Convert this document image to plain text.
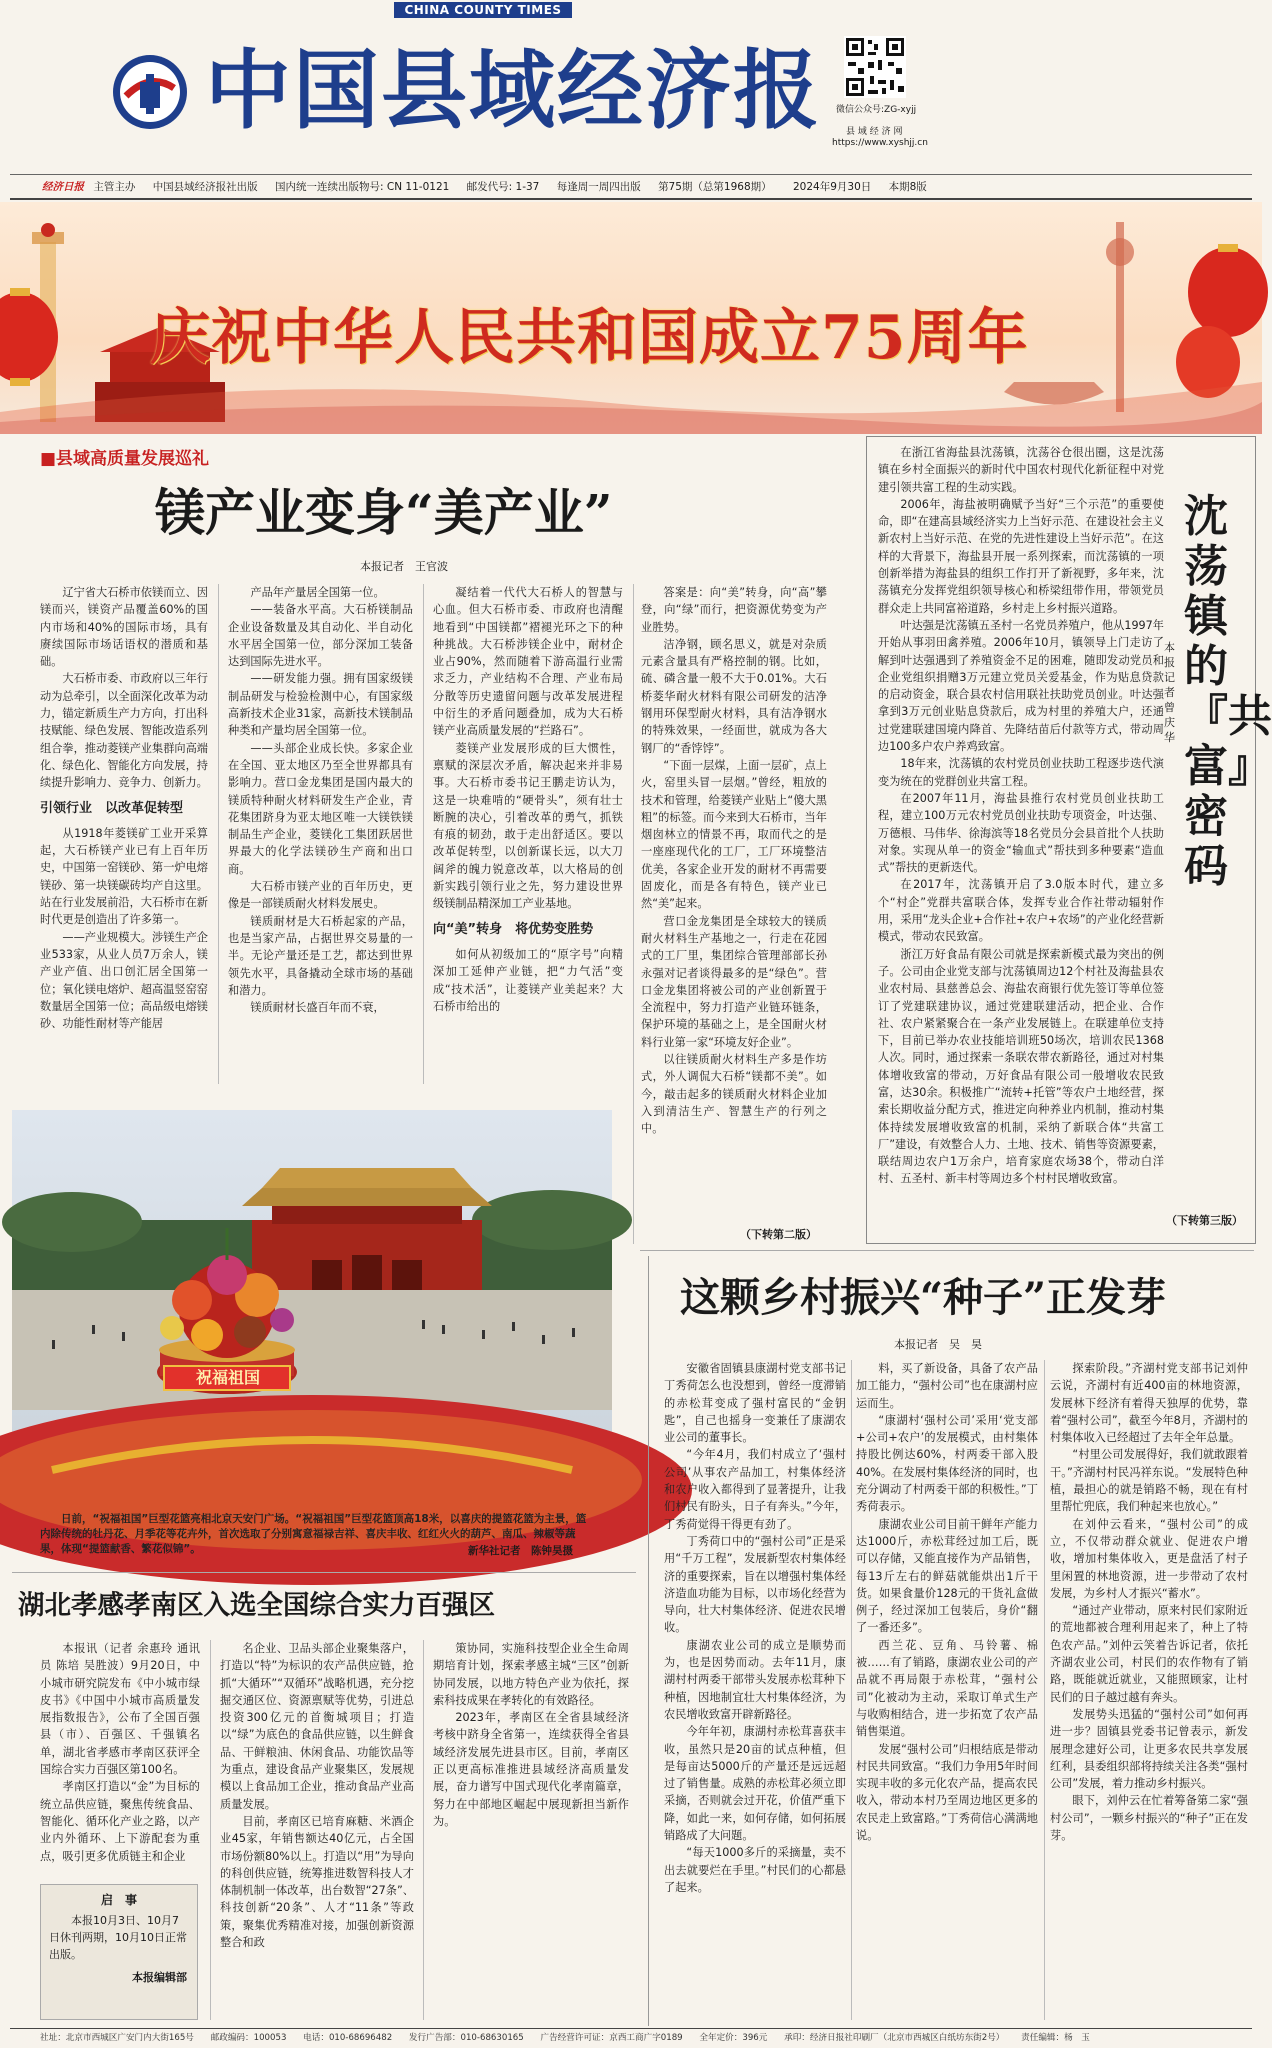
CHINA COUNTY TIMES
中国县域经济报 微信公众号:ZG-xyjj
县 域 经 济 网
https://www.xyshjj.cn
经济日报 主管主办 中国县域经济报社出版 国内统一连续出版物号: CN 11-0121 邮发代号: 1-37 每逢周一周四出版 第75期（总第1968期） 2024年9月30日 本期8版
庆祝中华人民共和国成立75周年
■县域高质量发展巡礼
镁产业变身“美产业”
本报记者　王官波

辽宁省大石桥市依镁而立、因镁而兴，镁资产品覆盖60%的国内市场和40%的国际市场，具有赓续国际市场话语权的潜质和基础。

大石桥市委、市政府以三年行动为总牵引，以全面深化改革为动力，锚定新质生产力方向，打出科技赋能、绿色发展、智能改造系列组合拳，推动菱镁产业集群向高端化、绿色化、智能化方向发展，持续提升影响力、竞争力、创新力。

引领行业　以改革促转型

从1918年菱镁矿工业开采算起，大石桥镁产业已有上百年历史，中国第一窑镁砂、第一炉电熔镁砂、第一块镁碳砖均产自这里。站在行业发展前沿，大石桥市在新时代更是创造出了许多第一。

——产业规模大。涉镁生产企业533家，从业人员7万余人，镁产业产值、出口创汇居全国第一位；氧化镁电熔炉、超高温竖窑窑数量居全国第一位；高品级电熔镁砂、功能性耐材等产能居

产品年产量居全国第一位。

——装备水平高。大石桥镁制品企业设备数量及其自动化、半自动化水平居全国第一位，部分深加工装备达到国际先进水平。

——研发能力强。拥有国家级镁制品研发与检验检测中心，有国家级高新技术企业31家，高新技术镁制品种类和产量均居全国第一位。

——头部企业成长快。多家企业在全国、亚太地区乃至全世界都具有影响力。营口金龙集团是国内最大的镁质特种耐火材料研发生产企业，青花集团跻身为亚太地区唯一大镁铁镁制品生产企业，菱镁化工集团跃居世界最大的化学法镁砂生产商和出口商。

大石桥市镁产业的百年历史，更像是一部镁质耐火材料发展史。

镁质耐材是大石桥起家的产品，也是当家产品，占据世界交易量的一半。无论产量还是工艺，都达到世界领先水平，具备撬动全球市场的基础和潜力。

镁质耐材长盛百年而不衰，

凝结着一代代大石桥人的智慧与心血。但大石桥市委、市政府也清醒地看到“中国镁都”褶褪光环之下的种种挑战。大石桥涉镁企业中，耐材企业占90%，然而随着下游高温行业需求乏力，产业结构不合理、产业布局分散等历史遗留问题与改革发展进程中衍生的矛盾问题叠加，成为大石桥镁产业高质量发展的“拦路石”。

菱镁产业发展形成的巨大惯性，禀赋的深层次矛盾，解决起来并非易事。大石桥市委书记王鹏走访认为，这是一块难啃的“硬骨头”，须有壮士断腕的决心，引着改革的勇气，抓铁有痕的韧劲，敢于走出舒适区。要以改革促转型，以创新谋长远，以大刀阔斧的魄力锐意改革，以大格局的创新实践引领行业之先，努力建设世界级镁制品精深加工产业基地。

向“美”转身　将优势变胜势

如何从初级加工的“原字号”向精深加工延伸产业链，把“力气活”变成“技术活”，让菱镁产业美起来？大石桥市给出的

答案是：向“美”转身，向“高”攀登，向“绿”而行，把资源优势变为产业胜势。

洁净钢，顾名思义，就是对杂质元素含量具有严格控制的钢。比如，硫、磷含量一般不大于0.01%。大石桥菱华耐火材料有限公司研发的洁净钢用环保型耐火材料，具有洁净钢水的特殊效果，一经面世，就成为各大钢厂的“香饽饽”。

“下面一层煤，上面一层矿，点上火，窑里头冒一层烟。”曾经，粗放的技术和管理，给菱镁产业贴上“傻大黑粗”的标签。而今来到大石桥市，当年烟囱林立的情景不再，取而代之的是一座座现代化的工厂，工厂环境整洁优美，各家企业开发的耐材不再需要固废化，而是各有特色，镁产业已然“美”起来。

营口金龙集团是全球较大的镁质耐火材料生产基地之一，行走在花园式的工厂里，集团综合管理部部长孙永强对记者谈得最多的是“绿色”。营口金龙集团将被公司的产业创新置于全流程中，努力打造产业链环链条，保护环境的基础之上，是全国耐火材料行业第一家“环境友好企业”。

以往镁质耐火材料生产多是作坊式，外人调侃大石桥“镁都不美”。如今，敲击起多的镁质耐火材料企业加入到清洁生产、智慧生产的行列之中。

（下转第二版）
祝福祖国
日前，“祝福祖国”巨型花篮亮相北京天安门广场。“祝福祖国”巨型花篮顶高18米，以喜庆的提篮花篮为主景，篮内除传统的牡丹花、月季花等花卉外，首次选取了分别寓意福禄吉祥、喜庆丰收、红红火火的葫芦、南瓜、辣椒等蔬果，体现“提篮献香、繁花似锦”。	新华社记者　陈钟昊摄

在浙江省海盐县沈荡镇，沈荡谷仓很出圈，这是沈荡镇在乡村全面振兴的新时代中国农村现代化新征程中对党建引领共富工程的生动实践。

2006年，海盐被明确赋予当好“三个示范”的重要使命，即“在建高县域经济实力上当好示范、在建设社会主义新农村上当好示范、在党的先进性建设上当好示范”。在这样的大背景下，海盐县开展一系列探索，而沈荡镇的一项创新举措为海盐县的组织工作打开了新视野，多年来，沈荡镇充分发挥党组织领导核心和桥梁纽带作用，带领党员群众走上共同富裕道路，乡村走上乡村振兴道路。

叶达强是沈荡镇五圣村一名党员养殖户，他从1997年开始从事羽田禽养殖。2006年10月，镇领导上门走访了解到叶达强遇到了养殖资金不足的困难，随即发动党员和企业党组织捐赠3万元建立党员关爱基金，作为贴息贷款的启动资金，联合县农村信用联社扶助党员创业。叶达强拿到3万元创业贴息贷款后，成为村里的养殖大户，还通过党建联建国境内降首、先降结苗后付款等方式，带动周边100多户农户养鸡致富。

18年来，沈荡镇的农村党员创业扶助工程逐步迭代演变为统在的党群创业共富工程。

在2007年11月，海盐县推行农村党员创业扶助工程，建立100万元农村党员创业扶助专项资金，叶达强、万德根、马伟华、徐海滨等18名党员分会县首批个人扶助对象。实现从单一的资金“输血式”帮扶到多种要素“造血式”帮扶的更新迭代。

在2017年，沈荡镇开启了3.0版本时代，建立多个“村企”党群共富联合体，发挥专业合作社带动辐射作用，采用“龙头企业+合作社+农户+农场”的产业化经营新模式，带动农民致富。

浙江万好食品有限公司就是探索新模式最为突出的例子。公司由企业党支部与沈荡镇周边12个村社及海盐县农业农村局、县慈善总会、海盐农商银行优先签订等单位签订了党建联建协议，通过党建联建活动，把企业、合作社、农户紧紧聚合在一条产业发展链上。在联建单位支持下，目前已举办农业技能培训班50场次，培训农民1368人次。同时，通过探索一条联农带农新路径，通过对村集体增收致富的带动，万好食品有限公司一般增收农民致富，达30余。积极推广“流转+托管”等农户土地经营，探索长期收益分配方式，推进定向种养业内机制，推动村集体持续发展增收致富的机制，采纳了新联合体“共富工厂”建设，有效整合人力、土地、技术、销售等资源要素，联结周边农户1万余户，培育家庭农场38个，带动白洋村、五圣村、新丰村等周边多个村村民增收致富。

（下转第三版）
沈荡镇的『共富』密码
本报记者　曾庆华
这颗乡村振兴“种子”正发芽
本报记者　吴　昊

安徽省固镇县康湖村党支部书记丁秀荷怎么也没想到，曾经一度滞销的赤松茸变成了强村富民的“金钥匙”，自己也摇身一变兼任了康湖农业公司的董事长。

“今年4月，我们村成立了‘强村公司’从事农产品加工，村集体经济和农户收入都得到了显著提升，让我们村民有盼头，日子有奔头。”今年，丁秀荷觉得干得更有劲了。

丁秀荷口中的“强村公司”正是采用“千万工程”，发展新型农村集体经济的重要探索，旨在以增强村集体经济造血功能为目标，以市场化经营为导向，壮大村集体经济、促进农民增收。

康湖农业公司的成立是顺势而为，也是因势而动。去年11月，康湖村村两委干部带头发展赤松茸种下种植，因地制宜壮大村集体经济，为农民增收致富开辟新路径。

今年年初，康湖村赤松茸喜获丰收，虽然只是20亩的试点种植，但是每亩达5000斤的产量还是远远超过了销售量。成熟的赤松茸必须立即采摘，否则就会过开花，价值严重下降，如此一来，如何存储，如何拓展销路成了大问题。

“每天1000多斤的采摘量，卖不出去就要烂在手里。”村民们的心都悬了起来。

料，买了新设备，具备了农产品加工能力，“强村公司”也在康湖村应运而生。

“康湖村‘强村公司’采用‘党支部+公司+农户’的发展模式，由村集体持股比例达60%，村两委干部入股40%。在发展村集体经济的同时，也充分调动了村两委干部的积极性。”丁秀荷表示。

康湖农业公司目前干鲜年产能力达1000斤，赤松茸经过加工后，既可以存储，又能直接作为产品销售，每13斤左右的鲜菇就能烘出1斤干货。如果食量价128元的干货礼盒做例子，经过深加工包装后，身价“翻了一番还多”。

西兰花、豆角、马铃薯、棉被……有了销路，康湖农业公司的产品就不再局限于赤松茸，“强村公司”化被动为主动，采取订单式生产与收购相结合，进一步拓宽了农产品销售渠道。

发展“强村公司”归根结底是带动村民共同致富。“我们力争用5年时间实现丰收的多元化农产品，提高农民收入，带动本村乃至周边地区更多的农民走上致富路。”丁秀荷信心满满地说。

探索阶段。”齐湖村党支部书记刘仲云说，齐湖村有近400亩的林地资源，发展林下经济有着得天独厚的优势，靠着“强村公司”，截至今年8月，齐湖村的村集体收入已经超过了去年全年总量。

“村里公司发展得好，我们就敢跟着干。”齐湖村村民冯祥东说。“发展特色种植，最担心的就是销路不畅，现在有村里帮忙兜底，我们种起来也放心。”

在刘仲云看来，“强村公司”的成立，不仅带动群众就业、促进农户增收，增加村集体收入，更是盘活了村子里闲置的林地资源，进一步带动了农村发展，为乡村人才振兴“蓄水”。

“通过产业带动，原来村民们家附近的荒地都被合理利用起来了，种上了特色农产品。”刘仲云笑着告诉记者，依托齐湖农业公司，村民们的农作物有了销路，既能就近就业，又能照顾家，让村民们的日子越过越有奔头。

发展势头迅猛的“强村公司”如何再进一步？固镇县党委书记曾表示，新发展理念建好公司，让更多农民共享发展红利，县委组织部将持续关注各类“强村公司”发展，着力推动乡村振兴。

眼下，刘仲云在忙着筹备第二家“强村公司”，一颗乡村振兴的“种子”正在发芽。

湖北孝感孝南区入选全国综合实力百强区

本报讯（记者 余惠玲 通讯员 陈培 吴胜波）9月20日，中小城市研究院发布《中小城市绿皮书》《中国中小城市高质量发展指数报告》，公布了全国百强县（市）、百强区、千强镇名单，湖北省孝感市孝南区获评全国综合实力百强区第100名。

孝南区打造以“金”为目标的统立品供应链，聚焦传统食品、智能化、循环化产业之路，以产业内外循环、上下游配套为重点，吸引更多优质链主和企业

启　事
本报10月3日、10月7日休刊两期，10月10日正常出版。
本报编辑部

名企业、卫品头部企业聚集落户，打造以“特”为标识的农产品供应链，抢抓“大循环”“双循环”战略机遇，充分挖掘交通区位、资源禀赋等优势，引进总投资300亿元的首衡城项目；打造以“绿”为底色的食品供应链，以生鲜食品、干鲜粮油、休闲食品、功能饮品等为重点，建设食品产业聚集区，发展规模以上食品加工企业，推动食品产业高质量发展。

目前，孝南区已培育麻糖、米酒企业45家，年销售额达40亿元，占全国市场份额80%以上。打造以“用”为导向的科创供应链，统筹推进数智科技人才体制机制一体改革，出台数智“27条”、科技创新“20条”、人才“11条”等政策，聚集优秀精准对接，加强创新资源整合和政

策协同，实施科技型企业全生命周期培育计划，探索孝感主城“三区”创新协同发展，以地方特色产业为依托，探索科技成果在孝转化的有效路径。

2023年，孝南区在全省县域经济考核中跻身全省第一，连续获得全省县域经济发展先进县市区。目前，孝南区正以更高标准推进县域经济高质量发展，奋力谱写中国式现代化孝南篇章，努力在中部地区崛起中展现新担当新作为。

社址：北京市西城区广安门内大街165号 邮政编码：100053 电话：010-68696482 发行广告部：010-68630165 广告经营许可证：京西工商广字0189 全年定价：396元 承印：经济日报社印刷厂（北京市西城区白纸坊东街2号） 责任编辑：杨　玉
